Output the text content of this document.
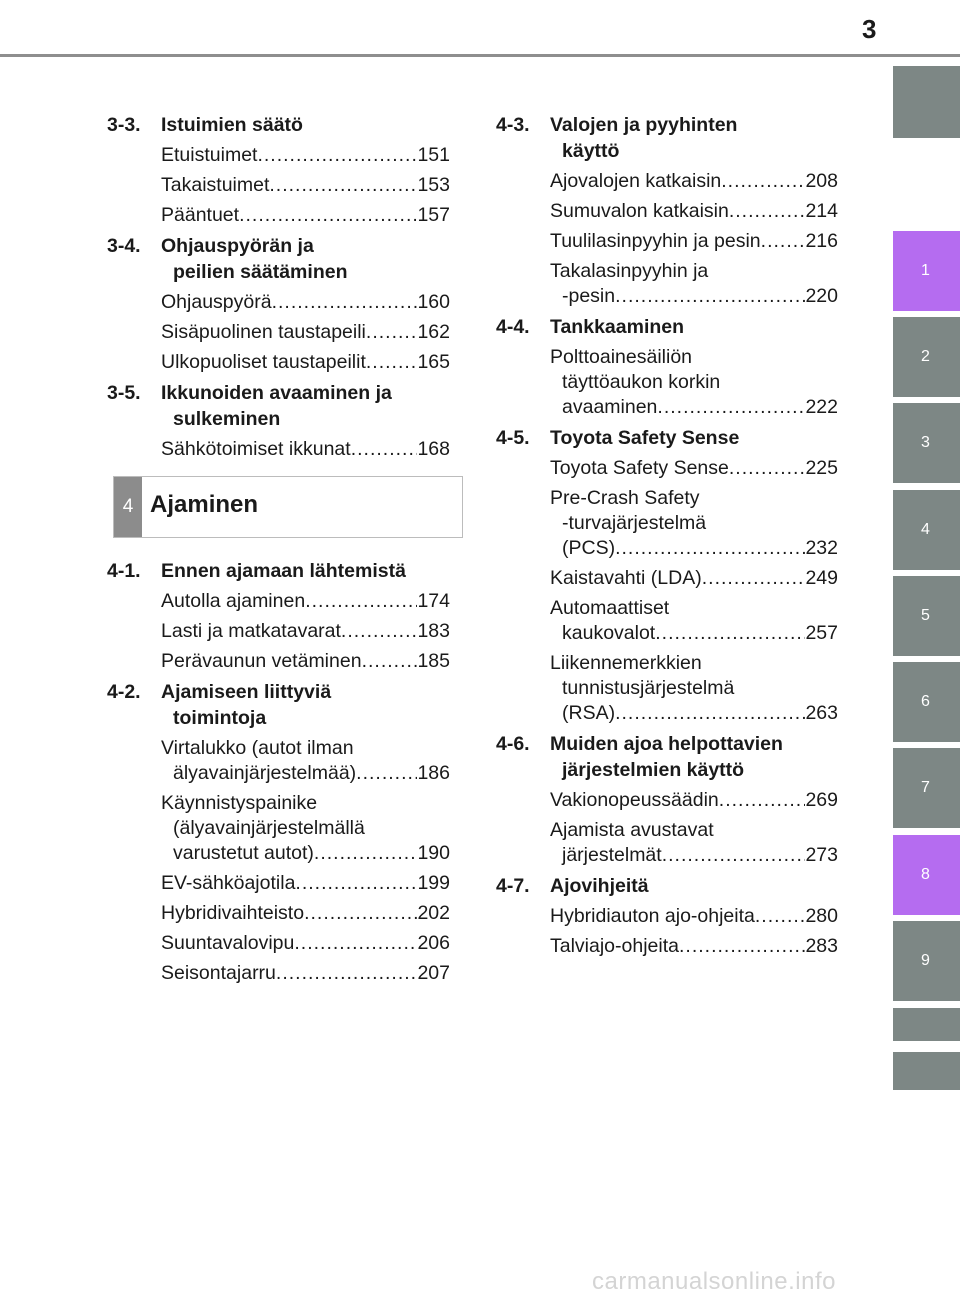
3
1
2
3
4
5
6
7
8
9
3-3. Istuimien säätö
Etuistuimet .....	151
Takaistuimet .....	153
Pääntuet .....	157
3-4. Ohjauspyörän ja
peilien säätäminen
Ohjauspyörä .....	160
Sisäpuolinen taustapeili .....	162
Ulkopuoliset taustapeilit .....	165
3-5. Ikkunoiden avaaminen ja
sulkeminen
Sähkötoimiset ikkunat .....	168
4-1. Ennen ajamaan lähtemistä
Autolla ajaminen .....	174
Lasti ja matkatavarat .....	183
Perävaunun vetäminen .....	185
4-2. Ajamiseen liittyviä
toimintoja
Virtalukko (autot ilman
älyavainjärjestelmää) .....	186
Käynnistyspainike
(älyavainjärjestelmällä
varustetut autot) .....	190
EV-sähköajotila .....	199
Hybridivaihteisto .....	202
Suuntavalovipu .....	206
Seisontajarru .....	207
4 Ajaminen
4-3. Valojen ja pyyhinten
käyttö
Ajovalojen katkaisin .....	208
Sumuvalon katkaisin .....	214
Tuulilasinpyyhin ja pesin ..... 216
Takalasinpyyhin ja
-pesin .....	220
4-4. Tankkaaminen
Polttoainesäiliön
täyttöaukon korkin
avaaminen .....	222
4-5. Toyota Safety Sense
Toyota Safety Sense .....	225
Pre-Crash Safety
-turvajärjestelmä
(PCS) .....	232
Kaistavahti (LDA) .....	249
Automaattiset
kaukovalot .....	257
Liikennemerkkien
tunnistusjärjestelmä
(RSA) .....	263
4-6. Muiden ajoa helpottavien
järjestelmien käyttö
Vakionopeussäädin .....	269
Ajamista avustavat
järjestelmät .....	273
4-7. Ajovihjeitä
Hybridiauton ajo-ohjeita .....	280
Talviajo-ohjeita .....	283
carmanualsonline.info
